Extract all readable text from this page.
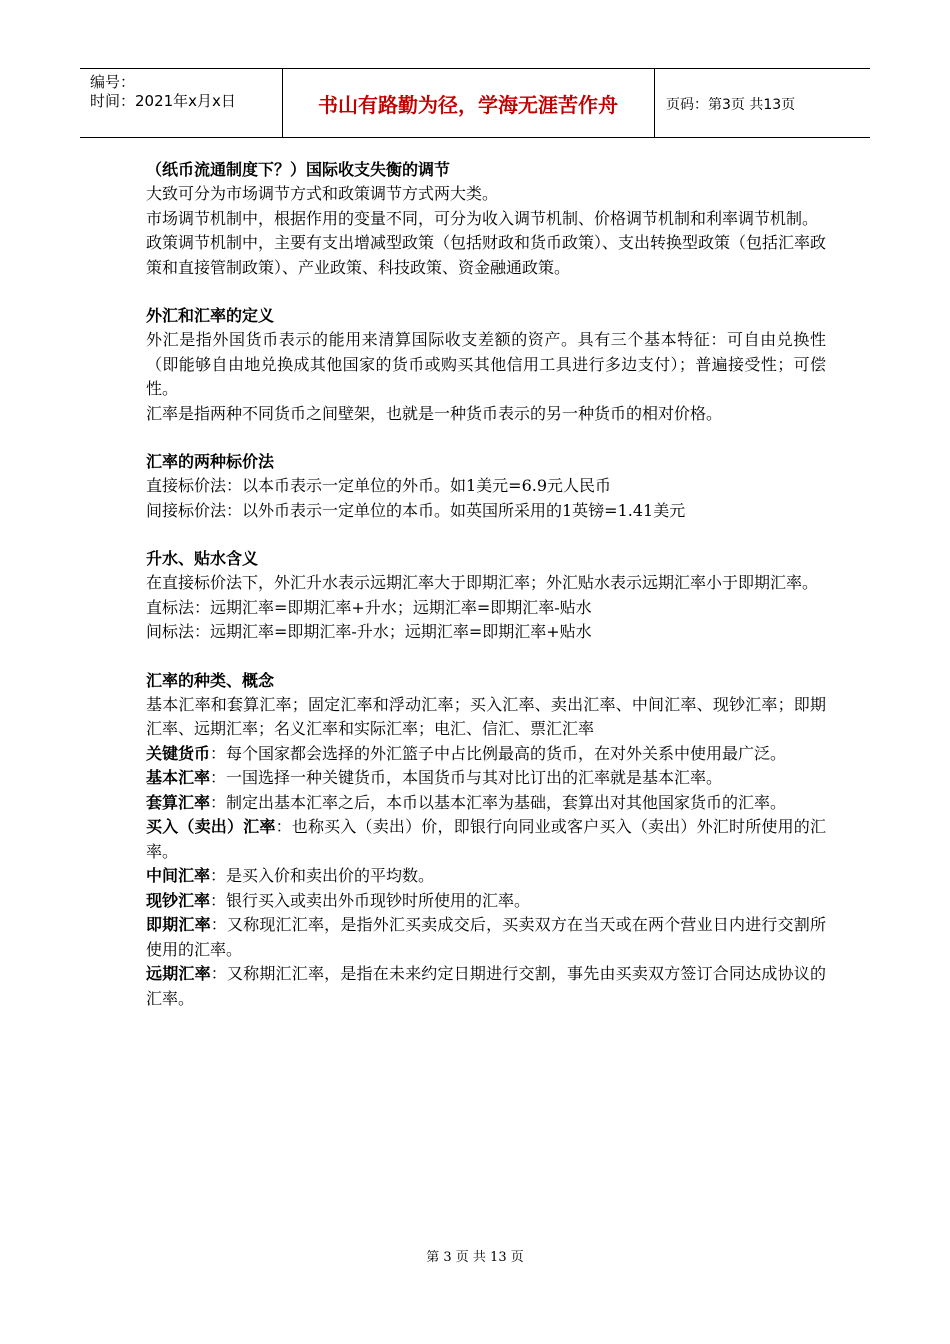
编号：
时间：2021年x月x日	书山有路勤为径，学海无涯苦作舟	页码：第3页 共13页
（纸币流通制度下？）国际收支失衡的调节
大致可分为市场调节方式和政策调节方式两大类。
市场调节机制中，根据作用的变量不同，可分为收入调节机制、价格调节机制和利率调节机制。
政策调节机制中，主要有支出增减型政策（包括财政和货币政策）、支出转换型政策（包括汇率政策和直接管制政策）、产业政策、科技政策、资金融通政策。
外汇和汇率的定义
外汇是指外国货币表示的能用来清算国际收支差额的资产。具有三个基本特征：可自由兑换性（即能够自由地兑换成其他国家的货币或购买其他信用工具进行多边支付）；普遍接受性；可偿性。
汇率是指两种不同货币之间壁架，也就是一种货币表示的另一种货币的相对价格。
汇率的两种标价法
直接标价法：以本币表示一定单位的外币。如1美元=6.9元人民币
间接标价法：以外币表示一定单位的本币。如英国所采用的1英镑=1.41美元
升水、贴水含义
在直接标价法下，外汇升水表示远期汇率大于即期汇率；外汇贴水表示远期汇率小于即期汇率。
直标法：远期汇率=即期汇率+升水；远期汇率=即期汇率-贴水
间标法：远期汇率=即期汇率-升水；远期汇率=即期汇率+贴水
汇率的种类、概念
基本汇率和套算汇率；固定汇率和浮动汇率；买入汇率、卖出汇率、中间汇率、现钞汇率；即期汇率、远期汇率；名义汇率和实际汇率；电汇、信汇、票汇汇率
关键货币：每个国家都会选择的外汇篮子中占比例最高的货币，在对外关系中使用最广泛。
基本汇率：一国选择一种关键货币，本国货币与其对比订出的汇率就是基本汇率。
套算汇率：制定出基本汇率之后，本币以基本汇率为基础，套算出对其他国家货币的汇率。
买入（卖出）汇率：也称买入（卖出）价，即银行向同业或客户买入（卖出）外汇时所使用的汇率。
中间汇率：是买入价和卖出价的平均数。
现钞汇率：银行买入或卖出外币现钞时所使用的汇率。
即期汇率：又称现汇汇率，是指外汇买卖成交后，买卖双方在当天或在两个营业日内进行交割所使用的汇率。
远期汇率：又称期汇汇率，是指在未来约定日期进行交割，事先由买卖双方签订合同达成协议的汇率。
第 3 页 共 13 页
